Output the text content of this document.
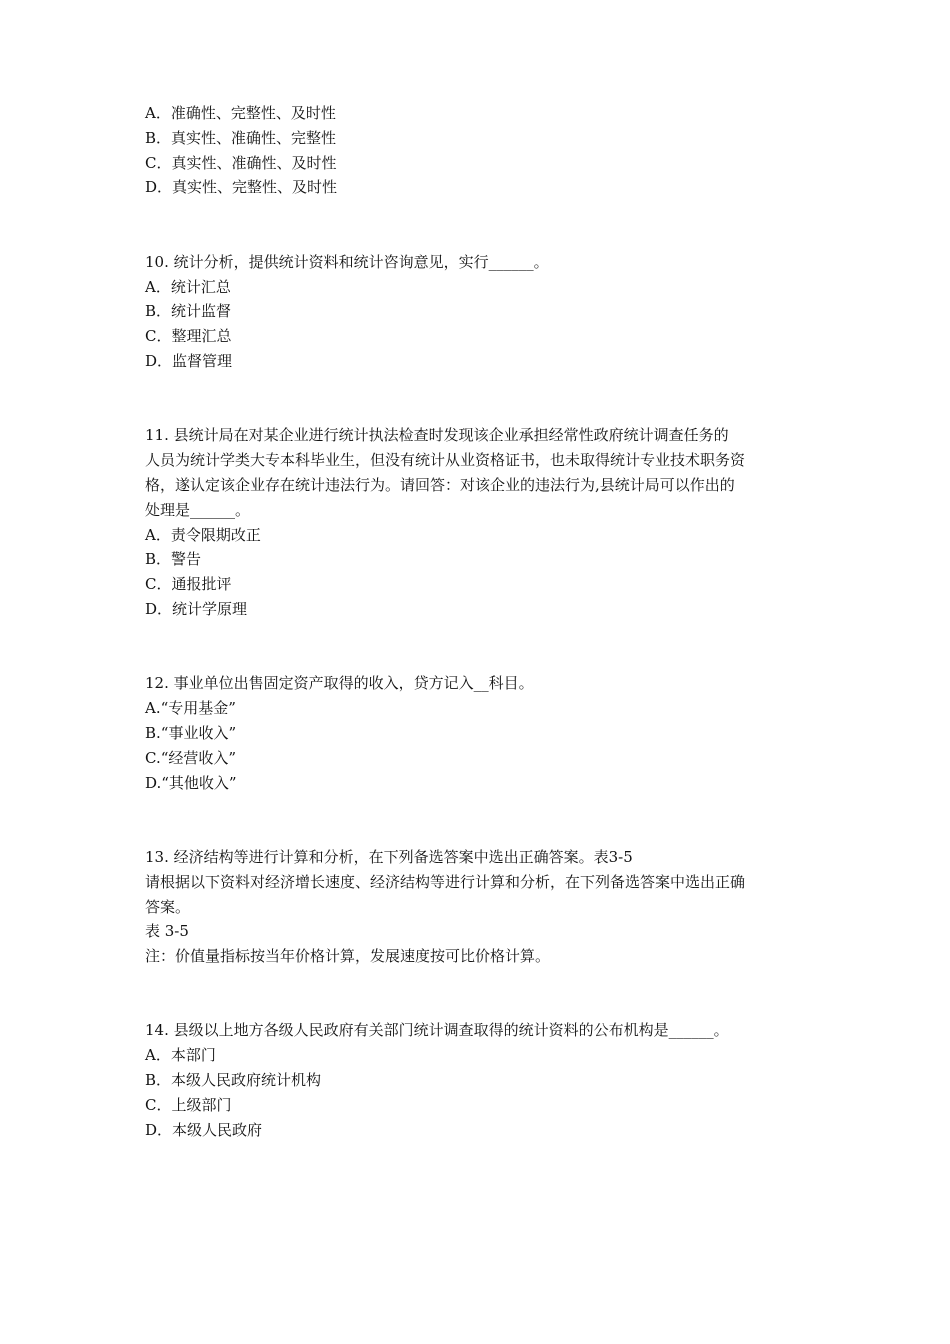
A．准确性、完整性、及时性
B．真实性、准确性、完整性
C．真实性、准确性、及时性
D．真实性、完整性、及时性
10. 统计分析，提供统计资料和统计咨询意见，实行______。
A．统计汇总
B．统计监督
C．整理汇总
D．监督管理
11. 县统计局在对某企业进行统计执法检查时发现该企业承担经常性政府统计调查任务的
人员为统计学类大专本科毕业生，但没有统计从业资格证书，也未取得统计专业技术职务资
格，遂认定该企业存在统计违法行为。请回答：对该企业的违法行为,县统计局可以作出的
处理是______。
A．责令限期改正
B．警告
C．通报批评
D．统计学原理
12. 事业单位出售固定资产取得的收入，贷方记入__科目。
A.“专用基金”
B.“事业收入”
C.“经营收入”
D.“其他收入”
13. 经济结构等进行计算和分析，在下列备选答案中选出正确答案。表3-5
请根据以下资料对经济增长速度、经济结构等进行计算和分析，在下列备选答案中选出正确
答案。
表 3-5
注：价值量指标按当年价格计算，发展速度按可比价格计算。
14. 县级以上地方各级人民政府有关部门统计调查取得的统计资料的公布机构是______。
A．本部门
B．本级人民政府统计机构
C．上级部门
D．本级人民政府
